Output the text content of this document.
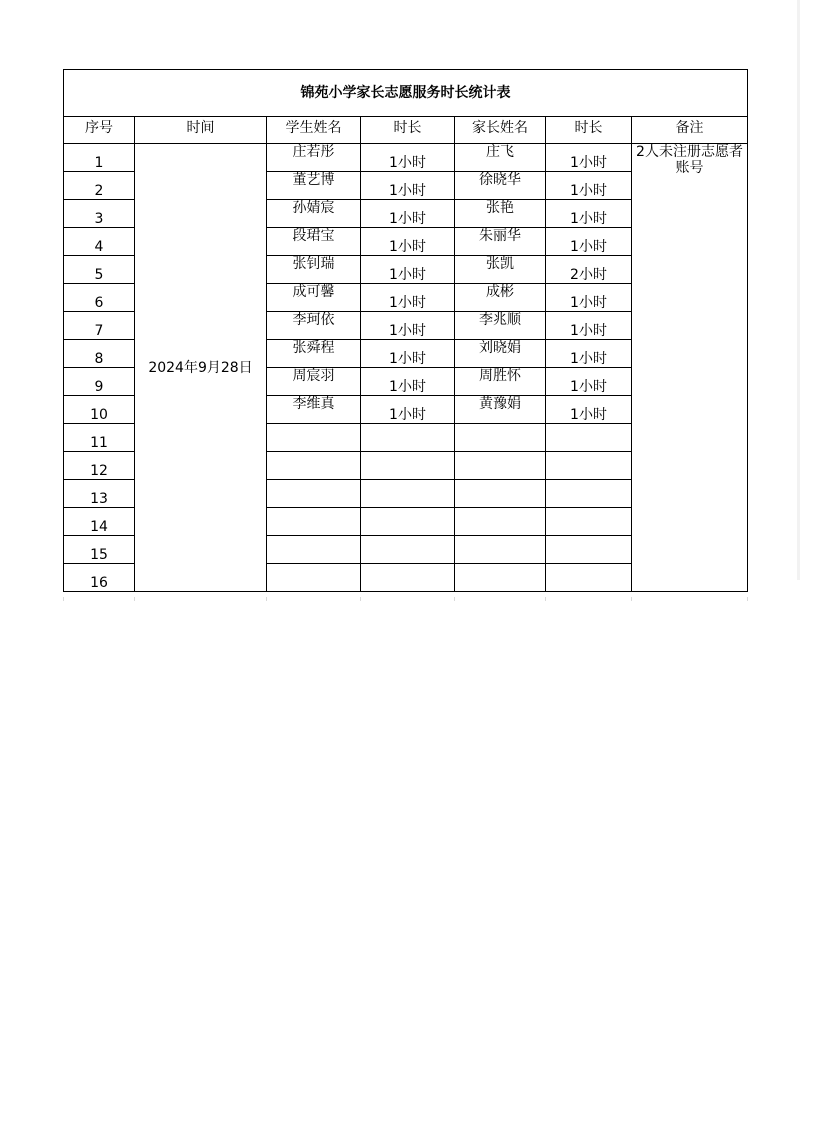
锦苑小学家长志愿服务时长统计表						
序号	时间	学生姓名	时长	家长姓名	时长	备注
1	2024年9月28日	庄若彤	1小时	庄飞	1小时	2人未注册志愿者账号
2		董艺博	1小时	徐晓华	1小时	
3		孙婧宸	1小时	张艳	1小时	
4		段珺宝	1小时	朱丽华	1小时	
5		张钊瑞	1小时	张凯	2小时	
6		成可馨	1小时	成彬	1小时	
7		李珂依	1小时	李兆顺	1小时	
8		张舜程	1小时	刘晓娟	1小时	
9		周宸羽	1小时	周胜怀	1小时	
10		李维真	1小时	黄豫娟	1小时	
11						
12						
13						
14						
15						
16						
